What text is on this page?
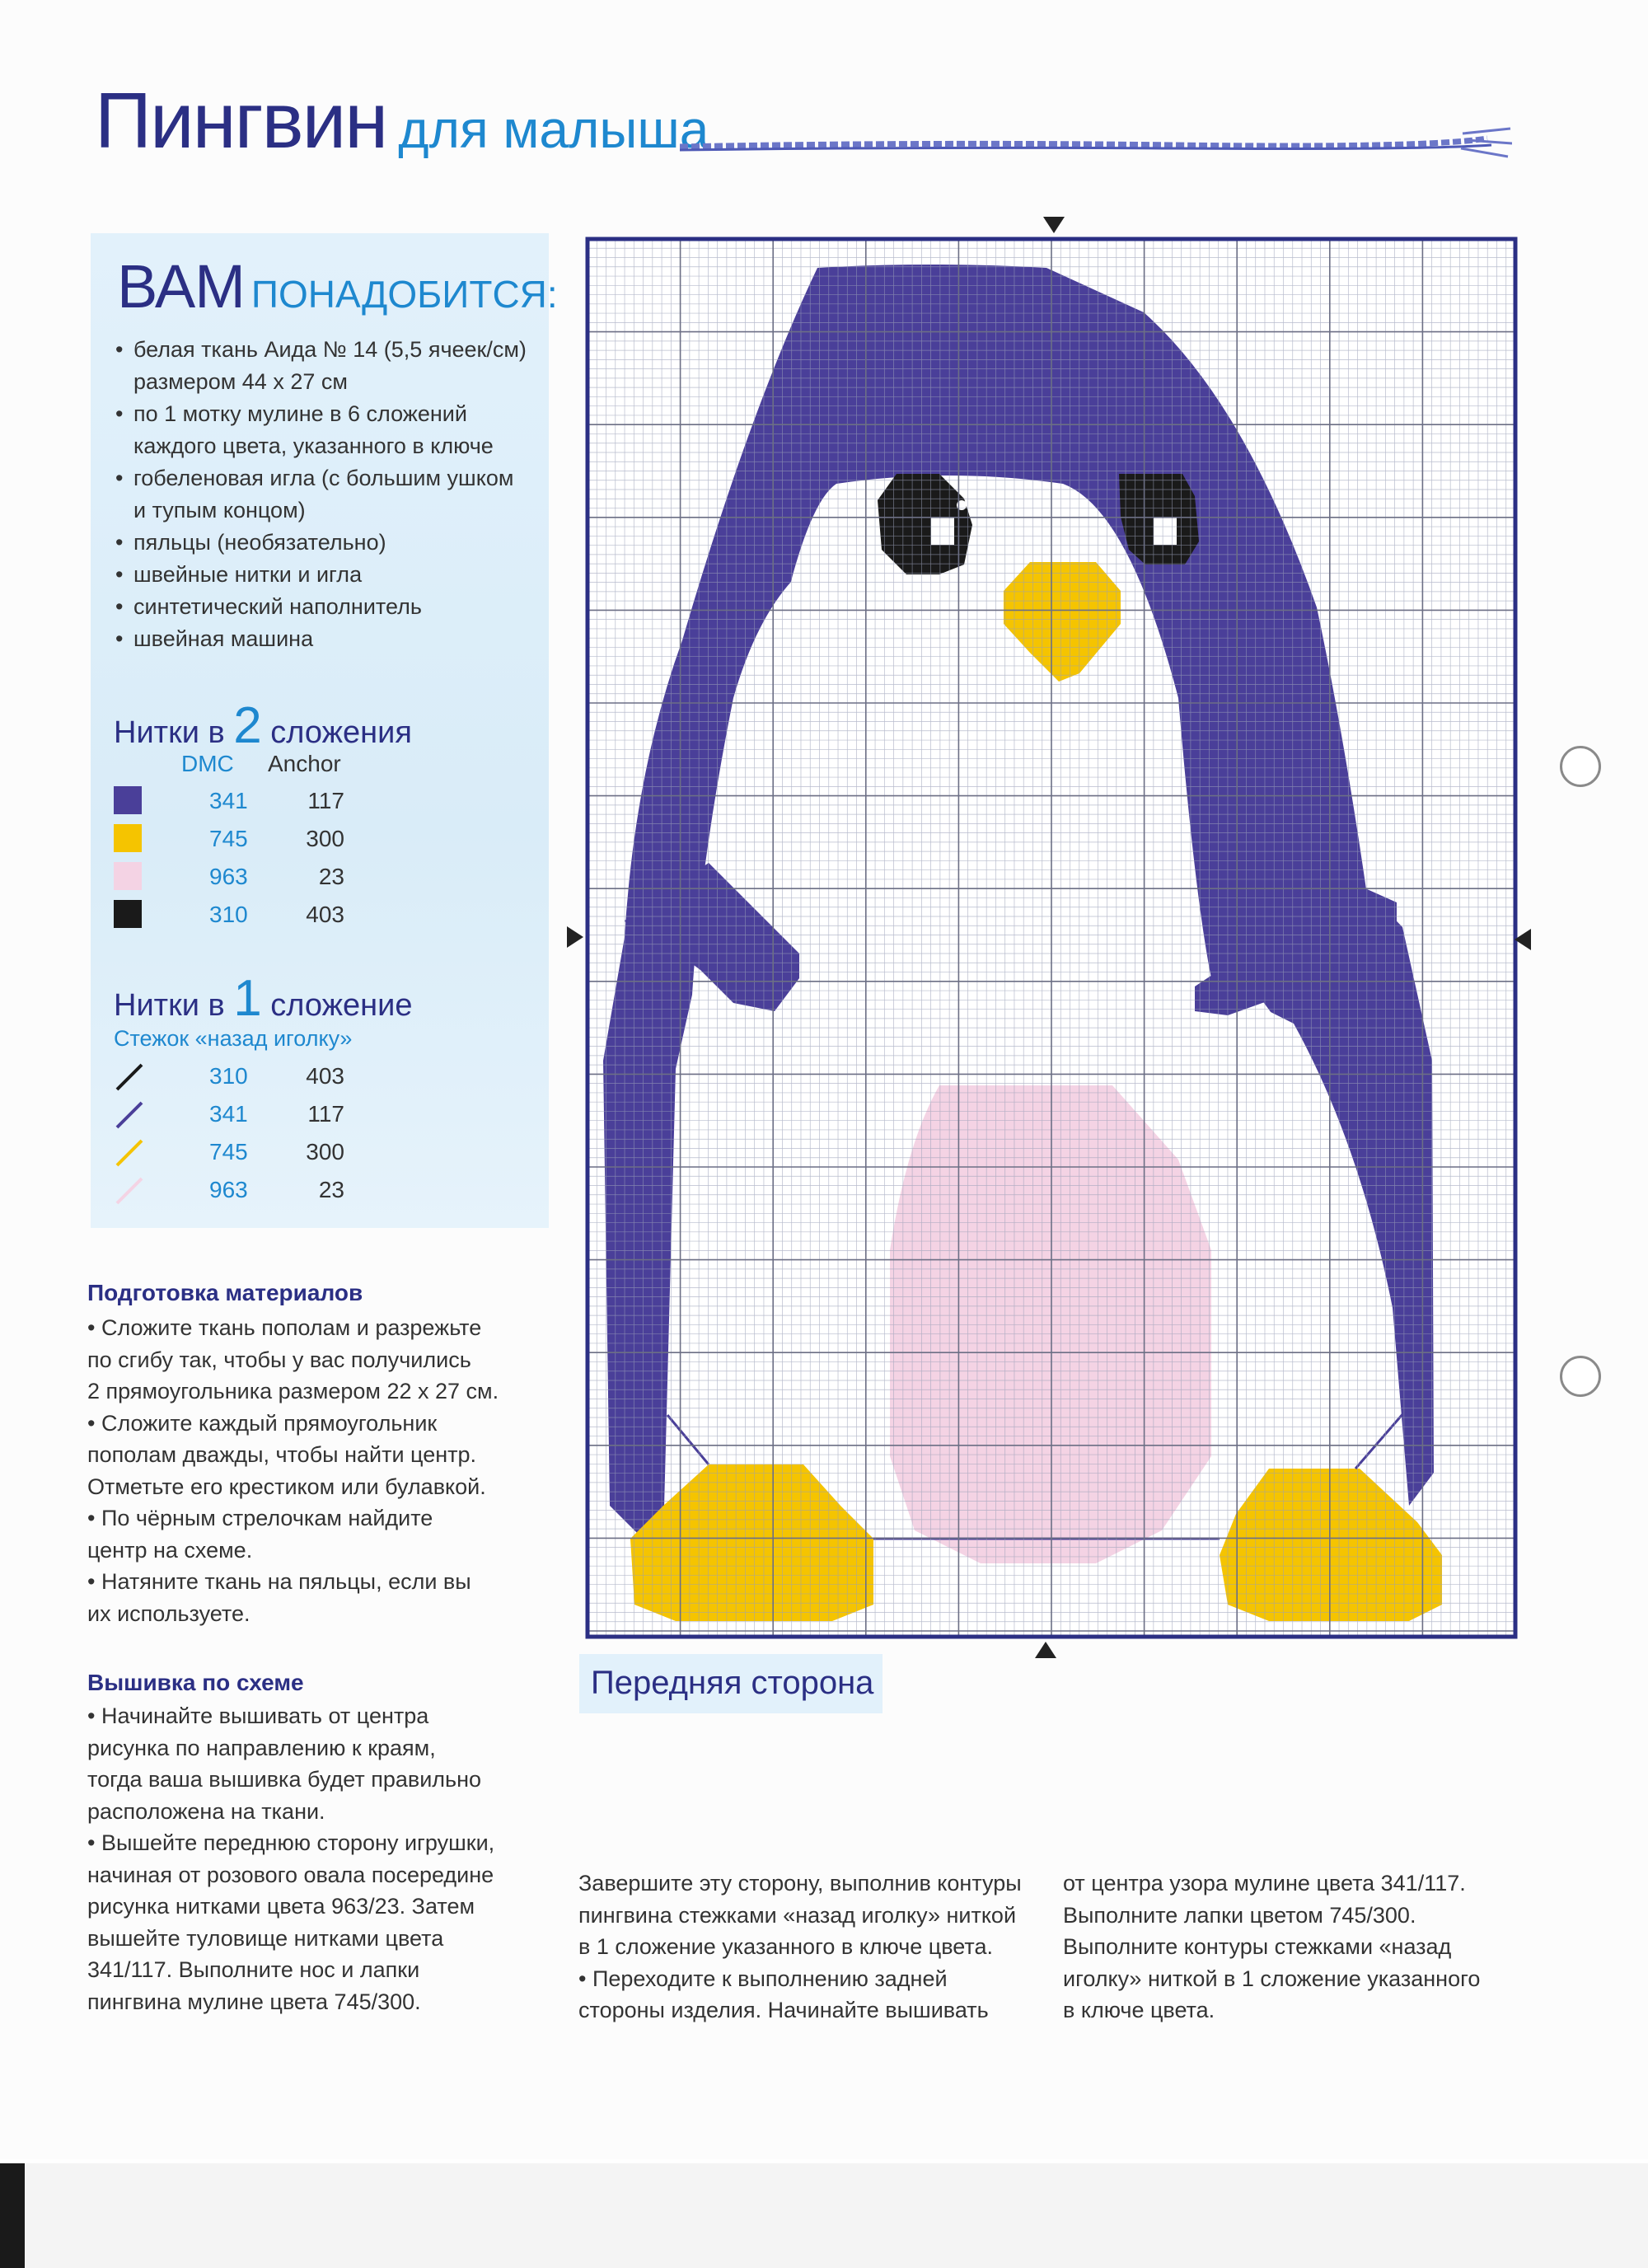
Пингвин для малыша
ВАМ ПОНАДОБИТСЯ:
• белая ткань Аида № 14 (5,5 ячеек/см)
размером 44 х 27 см
• по 1 мотку мулине в 6 сложений
каждого цвета, указанного в ключе
• гобеленовая игла (с большим ушком
и тупым концом)
• пяльцы (необязательно)
• швейные нитки и игла
• синтетический наполнитель
• швейная машина
Нитки в 2 сложения
DMC Anchor
341	117
745	300
963	23
310	403
Нитки в 1 сложение
Стежок «назад иголку»
310	403
341	117
745	300
963	23
Передняя сторона
Подготовка материалов
• Сложите ткань пополам и разрежьте
по сгибу так, чтобы у вас получились
2 прямоугольника размером 22 х 27 см.
• Сложите каждый прямоугольник
пополам дважды, чтобы найти центр.
Отметьте его крестиком или булавкой.
• По чёрным стрелочкам найдите
центр на схеме.
• Натяните ткань на пяльцы, если вы
их используете.
Вышивка по схеме
• Начинайте вышивать от центра
рисунка по направлению к краям,
тогда ваша вышивка будет правильно
расположена на ткани.
• Вышейте переднюю сторону игрушки,
начиная от розового овала посередине
рисунка нитками цвета 963/23. Затем
вышейте туловище нитками цвета
341/117. Выполните нос и лапки
пингвина мулине цвета 745/300.
Завершите эту сторону, выполнив контуры
пингвина стежками «назад иголку» ниткой
в 1 сложение указанного в ключе цвета.
• Переходите к выполнению задней
стороны изделия. Начинайте вышивать
от центра узора мулине цвета 341/117.
Выполните лапки цветом 745/300.
Выполните контуры стежками «назад
иголку» ниткой в 1 сложение указанного
в ключе цвета.
